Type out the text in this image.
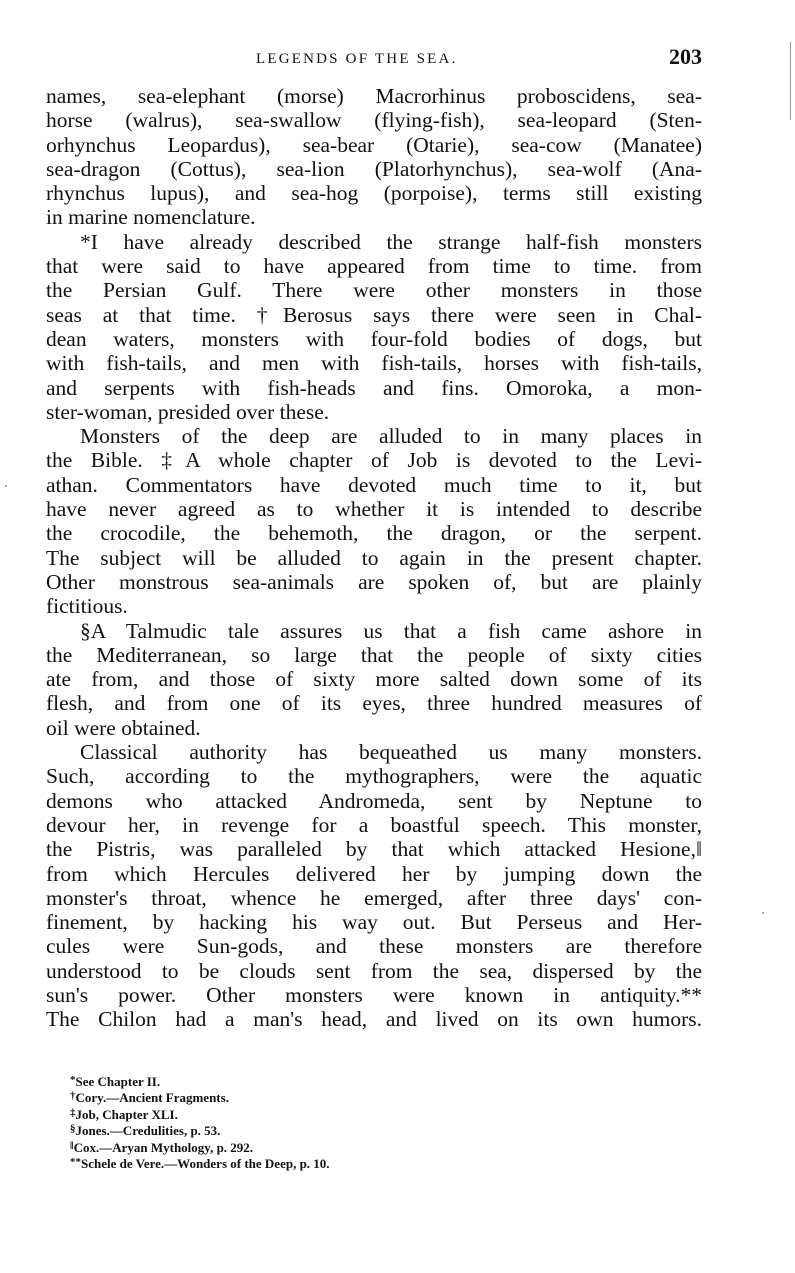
LEGENDS OF THE SEA.	203
names, sea-elephant (morse) Macrorhinus proboscidens, sea-
horse (walrus), sea-swallow (flying-fish), sea-leopard (Sten-
orhynchus Leopardus), sea-bear (Otarie), sea-cow (Manatee)
sea-dragon (Cottus), sea-lion (Platorhynchus), sea-wolf (Ana-
rhynchus lupus), and sea-hog (porpoise), terms still existing
in marine nomenclature.
*I have already described the strange half-fish monsters
that were said to have appeared from time to time. from
the Persian Gulf. There were other monsters in those
seas at that time. †Berosus says there were seen in Chal-
dean waters, monsters with four-fold bodies of dogs, but
with fish-tails, and men with fish-tails, horses with fish-tails,
and serpents with fish-heads and fins. Omoroka, a mon-
ster-woman, presided over these.
Monsters of the deep are alluded to in many places in
the Bible. ‡A whole chapter of Job is devoted to the Levi-
athan. Commentators have devoted much time to it, but
have never agreed as to whether it is intended to describe
the crocodile, the behemoth, the dragon, or the serpent.
The subject will be alluded to again in the present chapter.
Other monstrous sea-animals are spoken of, but are plainly
fictitious.
§A Talmudic tale assures us that a fish came ashore in
the Mediterranean, so large that the people of sixty cities
ate from, and those of sixty more salted down some of its
flesh, and from one of its eyes, three hundred measures of
oil were obtained.
Classical authority has bequeathed us many monsters.
Such, according to the mythographers, were the aquatic
demons who attacked Andromeda, sent by Neptune to
devour her, in revenge for a boastful speech. This monster,
the Pistris, was paralleled by that which attacked Hesione,‖
from which Hercules delivered her by jumping down the
monster's throat, whence he emerged, after three days' con-
finement, by hacking his way out. But Perseus and Her-
cules were Sun-gods, and these monsters are therefore
understood to be clouds sent from the sea, dispersed by the
sun's power. Other monsters were known in antiquity.**
The Chilon had a man's head, and lived on its own humors.
*See Chapter II.
†Cory.—Ancient Fragments.
‡Job, Chapter XLI.
§Jones.—Credulities, p. 53.
‖Cox.—Aryan Mythology, p. 292.
**Schele de Vere.—Wonders of the Deep, p. 10.
